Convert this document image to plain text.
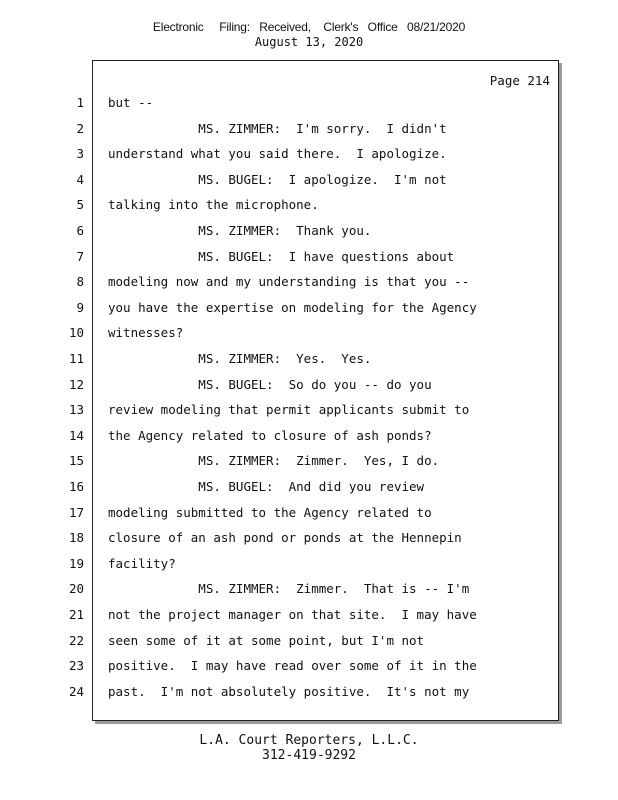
Electronic     Filing:   Received,    Clerk's   Office   08/21/2020
August 13, 2020
Page 214
1 but --
2 MS. ZIMMER:  I'm sorry.  I didn't
3 understand what you said there.  I apologize.
4 MS. BUGEL:  I apologize.  I'm not
5 talking into the microphone.
6 MS. ZIMMER:  Thank you.
7 MS. BUGEL:  I have questions about
8 modeling now and my understanding is that you --
9 you have the expertise on modeling for the Agency
10 witnesses?
11 MS. ZIMMER:  Yes.  Yes.
12 MS. BUGEL:  So do you -- do you
13 review modeling that permit applicants submit to
14 the Agency related to closure of ash ponds?
15 MS. ZIMMER:  Zimmer.  Yes, I do.
16 MS. BUGEL:  And did you review
17 modeling submitted to the Agency related to
18 closure of an ash pond or ponds at the Hennepin
19 facility?
20 MS. ZIMMER:  Zimmer.  That is -- I'm
21 not the project manager on that site.  I may have
22 seen some of it at some point, but I'm not
23 positive.  I may have read over some of it in the
24 past.  I'm not absolutely positive.  It's not my
L.A. Court Reporters, L.L.C.
312-419-9292
